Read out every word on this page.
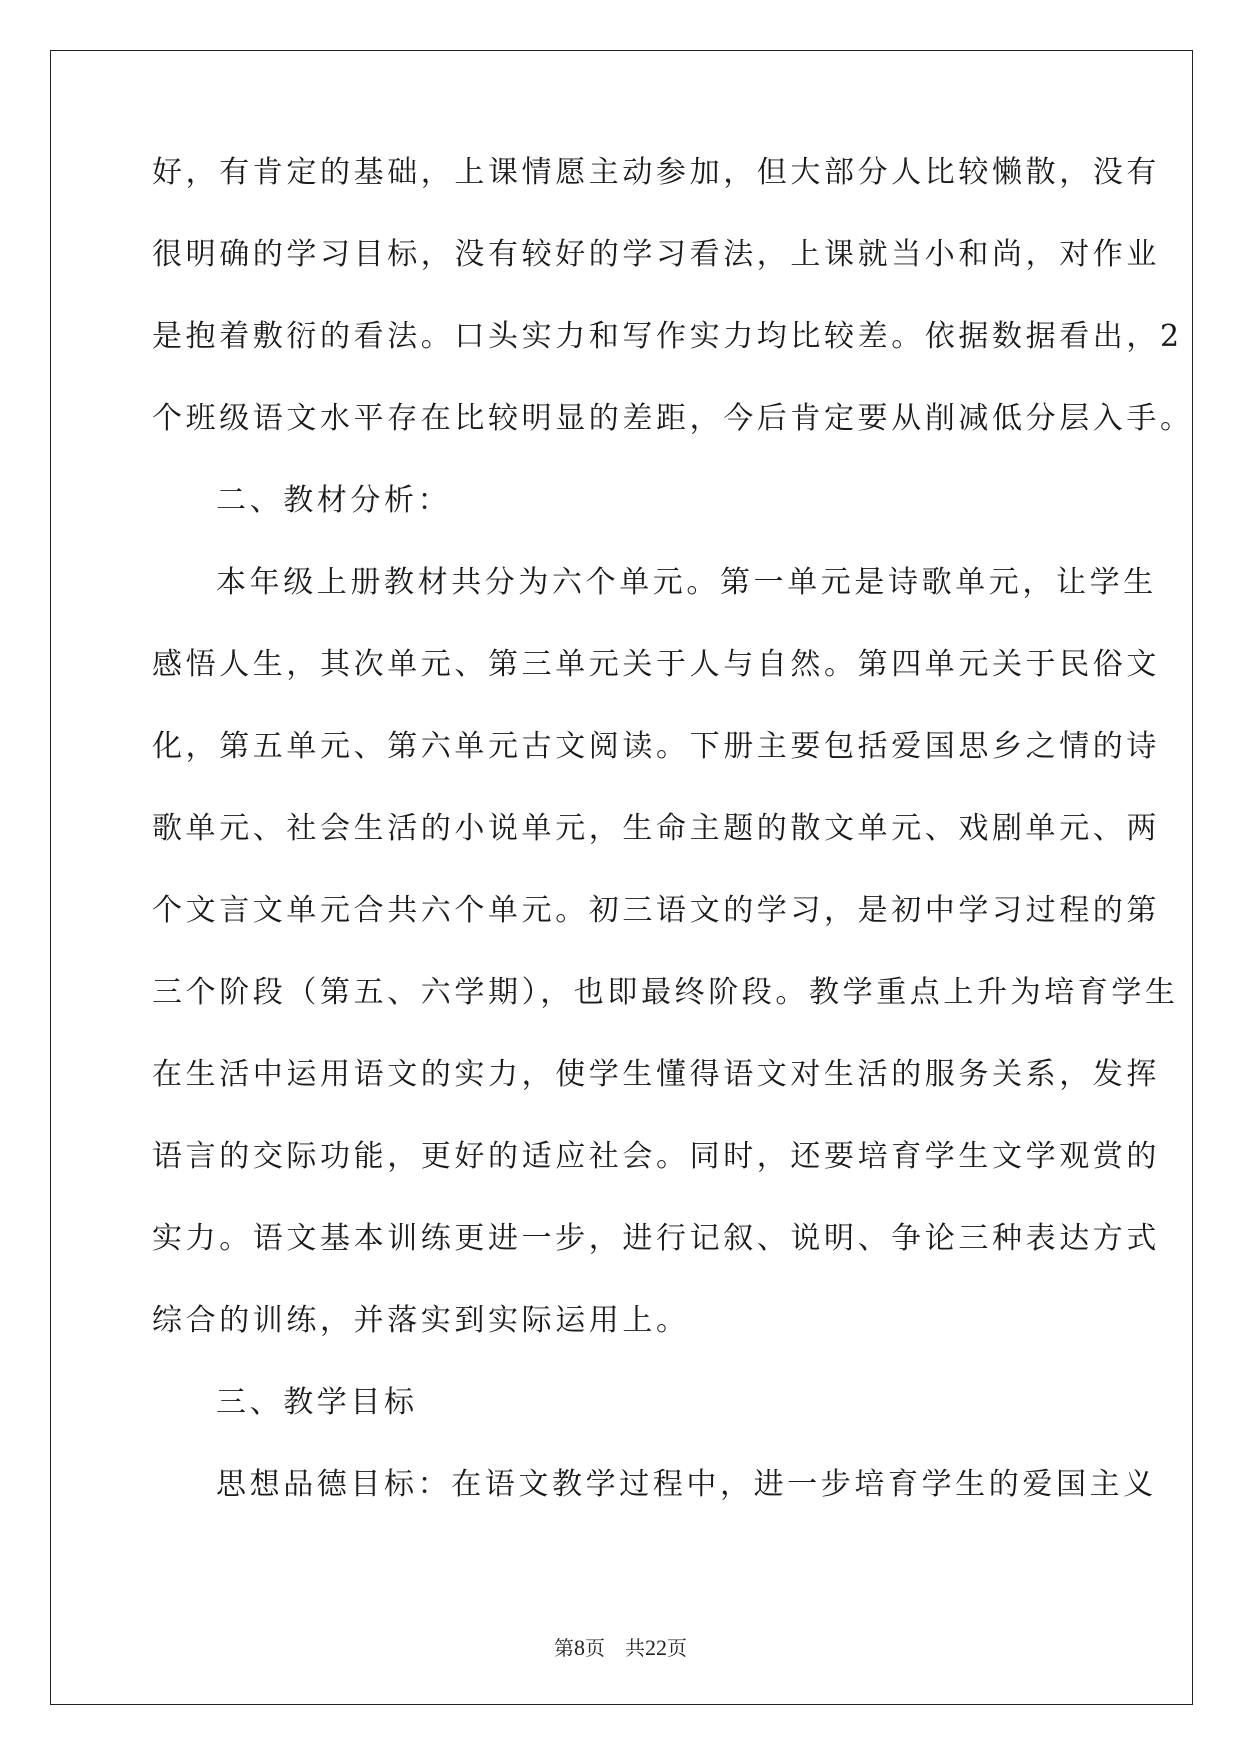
好，有肯定的基础，上课情愿主动参加，但大部分人比较懒散，没有
很明确的学习目标，没有较好的学习看法，上课就当小和尚，对作业
是抱着敷衍的看法。口头实力和写作实力均比较差。依据数据看出，2
个班级语文水平存在比较明显的差距，今后肯定要从削减低分层入手。
二、教材分析：
本年级上册教材共分为六个单元。第一单元是诗歌单元，让学生
感悟人生，其次单元、第三单元关于人与自然。第四单元关于民俗文
化，第五单元、第六单元古文阅读。下册主要包括爱国思乡之情的诗
歌单元、社会生活的小说单元，生命主题的散文单元、戏剧单元、两
个文言文单元合共六个单元。初三语文的学习，是初中学习过程的第
三个阶段（第五、六学期），也即最终阶段。教学重点上升为培育学生
在生活中运用语文的实力，使学生懂得语文对生活的服务关系，发挥
语言的交际功能，更好的适应社会。同时，还要培育学生文学观赏的
实力。语文基本训练更进一步，进行记叙、说明、争论三种表达方式
综合的训练，并落实到实际运用上。
三、教学目标
思想品德目标：在语文教学过程中，进一步培育学生的爱国主义
第8页 共22页
